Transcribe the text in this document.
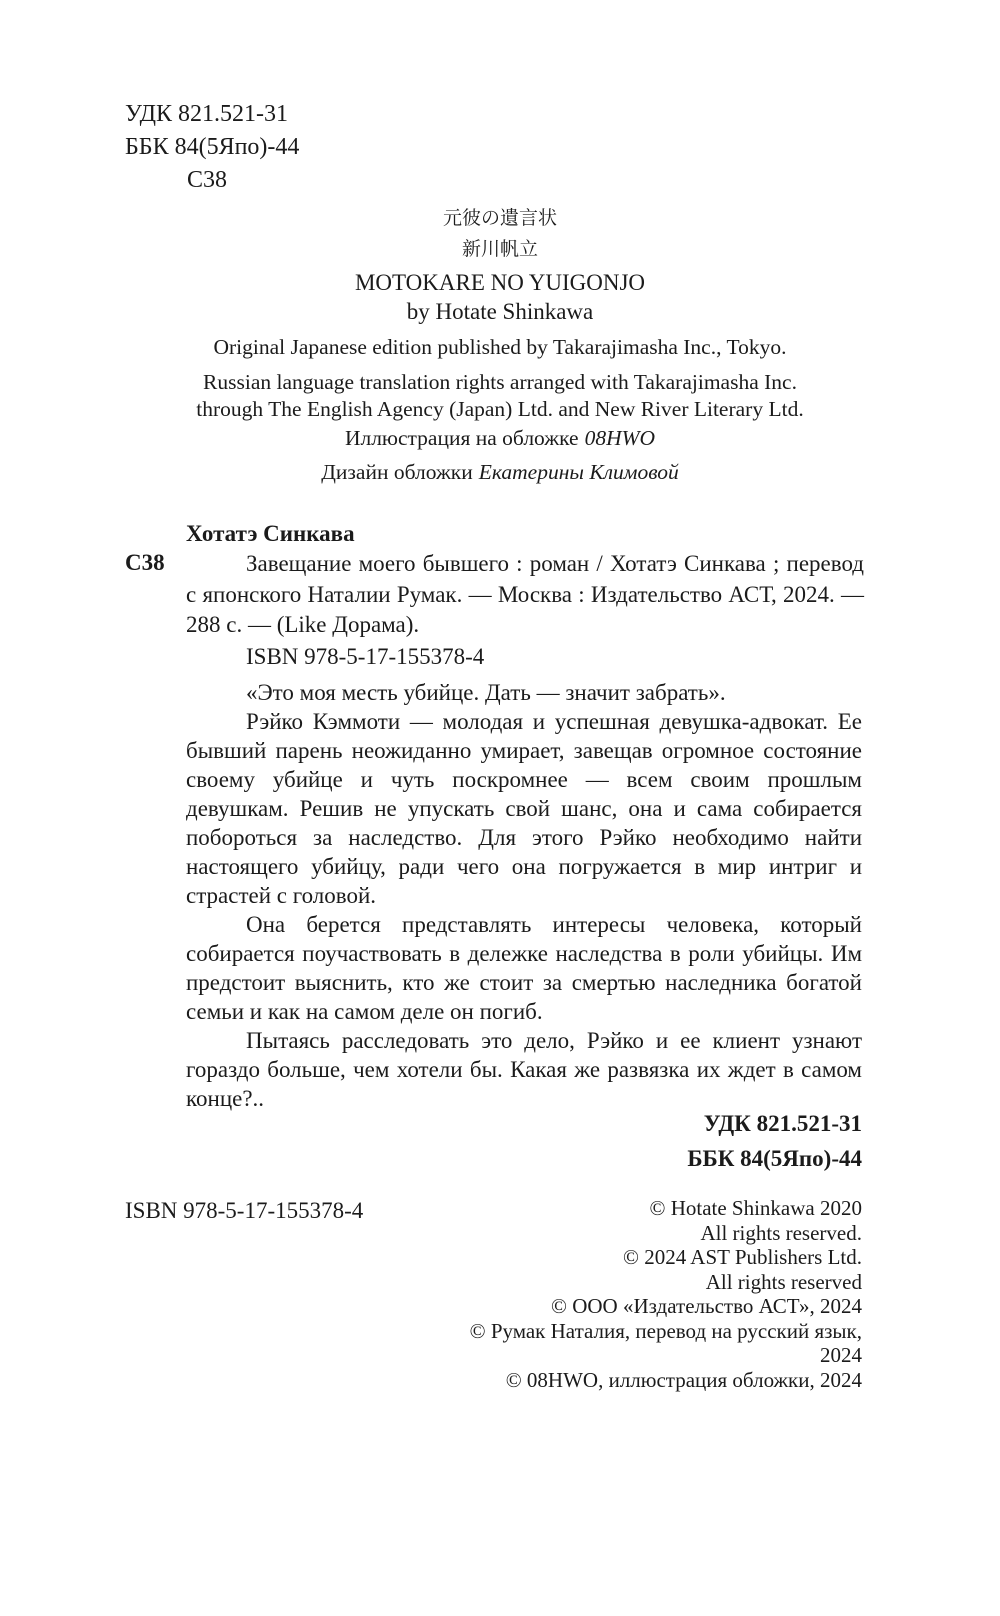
УДК 821.521-31
ББК 84(5Япо)-44
С38
元彼の遺言状
新川帆立
MOTOKARE NO YUIGONJO
by Hotate Shinkawa
Original Japanese edition published by Takarajimasha Inc., Tokyo.
Russian language translation rights arranged with Takarajimasha Inc.
through The English Agency (Japan) Ltd. and New River Literary Ltd.
Иллюстрация на обложке 08HWO
Дизайн обложки Екатерины Климовой
Хотатэ Синкава
С38	Завещание моего бывшего : роман / Хотатэ Синкава ; перевод с японского Наталии Румак. — Москва : Издательство АСТ, 2024. — 288 с. — (Like Дорама).
ISBN 978-5-17-155378-4

«Это моя месть убийце. Дать — значит забрать».

Рэйко Кэммоти — молодая и успешная девушка-адвокат. Ее бывший парень неожиданно умирает, завещав огромное состояние своему убийце и чуть поскромнее — всем своим прошлым девушкам. Решив не упускать свой шанс, она и сама собирается побороться за наследство. Для этого Рэйко необходимо найти настоящего убийцу, ради чего она погружается в мир интриг и страстей с головой.

Она берется представлять интересы человека, который собирается поучаствовать в дележке наследства в роли убийцы. Им предстоит выяснить, кто же стоит за смертью наследника богатой семьи и как на самом деле он погиб.

Пытаясь расследовать это дело, Рэйко и ее клиент узнают гораздо больше, чем хотели бы. Какая же развязка их ждет в самом конце?..

УДК 821.521-31
ББК 84(5Япо)-44
ISBN 978-5-17-155378-4	© Hotate Shinkawa 2020
All rights reserved.
© 2024 AST Publishers Ltd.
All rights reserved
© ООО «Издательство АСТ», 2024
© Румак Наталия, перевод на русский язык, 2024
© 08HWO, иллюстрация обложки, 2024
